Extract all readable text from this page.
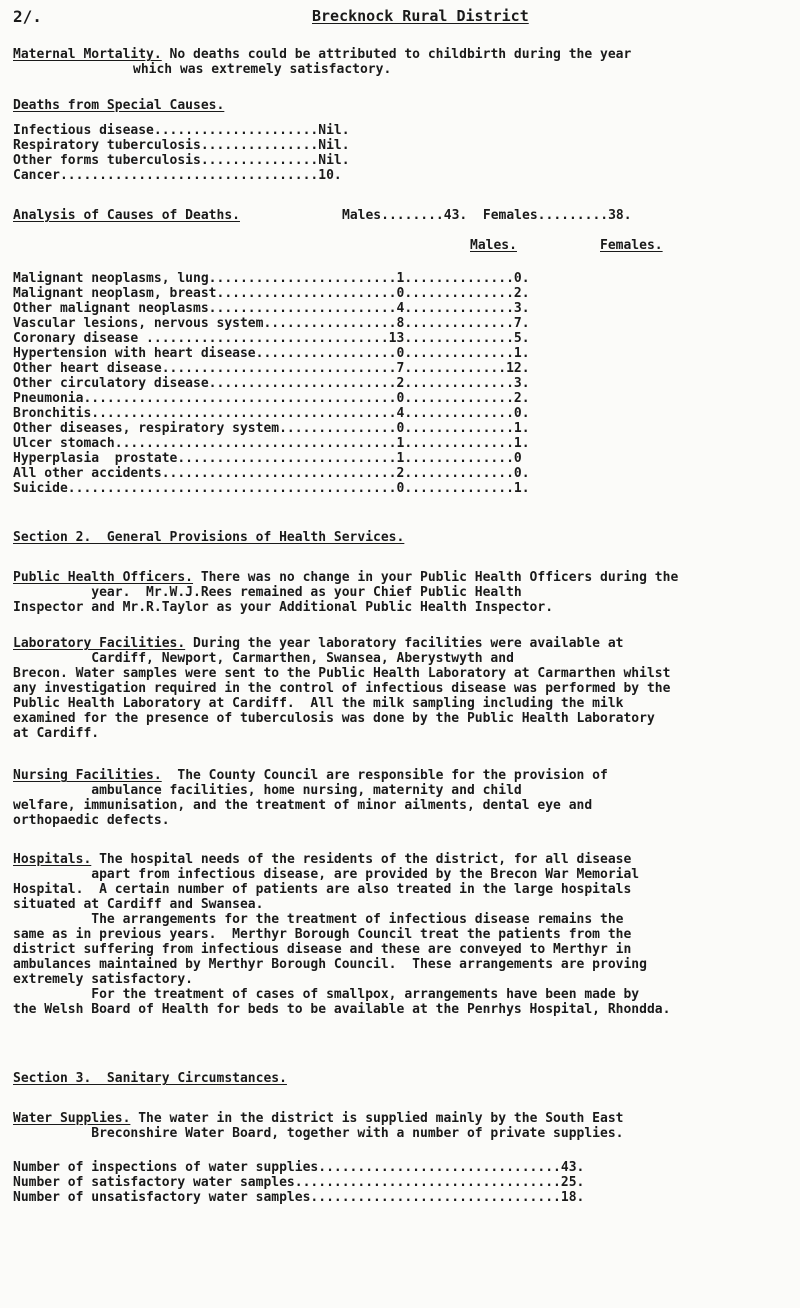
2/.	Brecknock Rural District

Maternal Mortality. No deaths could be attributed to childbirth during the year

which was extremely satisfactory.

Deaths from Special Causes.

Infectious disease.....................Nil.
Respiratory tuberculosis...............Nil.
Other forms tuberculosis...............Nil.
Cancer.................................10.
Analysis of Causes of Deaths.	Males........43.  Females.........38.
Males.	Females.
Malignant neoplasms, lung........................1..............0.
Malignant neoplasm, breast.......................0..............2.
Other malignant neoplasms........................4..............3.
Vascular lesions, nervous system.................8..............7.
Coronary disease ...............................13..............5.
Hypertension with heart disease..................0..............1.
Other heart disease..............................7.............12.
Other circulatory disease........................2..............3.
Pneumonia........................................0..............2.
Bronchitis.......................................4..............0.
Other diseases, respiratory system...............0..............1.
Ulcer stomach....................................1..............1.
Hyperplasia  prostate............................1..............0
All other accidents..............................2..............0.
Suicide..........................................0..............1.
Section 2.  General Provisions of Health Services.

Public Health Officers. There was no change in your Public Health Officers during the

year.  Mr.W.J.Rees remained as your Chief Public Health

Inspector and Mr.R.Taylor as your Additional Public Health Inspector.

Laboratory Facilities. During the year laboratory facilities were available at

Cardiff, Newport, Carmarthen, Swansea, Aberystwyth and

Brecon. Water samples were sent to the Public Health Laboratory at Carmarthen whilst

any investigation required in the control of infectious disease was performed by the

Public Health Laboratory at Cardiff.  All the milk sampling including the milk

examined for the presence of tuberculosis was done by the Public Health Laboratory

at Cardiff.

Nursing Facilities.  The County Council are responsible for the provision of

ambulance facilities, home nursing, maternity and child

welfare, immunisation, and the treatment of minor ailments, dental eye and

orthopaedic defects.

Hospitals. The hospital needs of the residents of the district, for all disease

apart from infectious disease, are provided by the Brecon War Memorial

Hospital.  A certain number of patients are also treated in the large hospitals

situated at Cardiff and Swansea.

The arrangements for the treatment of infectious disease remains the

same as in previous years.  Merthyr Borough Council treat the patients from the

district suffering from infectious disease and these are conveyed to Merthyr in

ambulances maintained by Merthyr Borough Council.  These arrangements are proving

extremely satisfactory.

For the treatment of cases of smallpox, arrangements have been made by

the Welsh Board of Health for beds to be available at the Penrhys Hospital, Rhondda.

Section 3.  Sanitary Circumstances.

Water Supplies. The water in the district is supplied mainly by the South East

Breconshire Water Board, together with a number of private supplies.

Number of inspections of water supplies...............................43.
Number of satisfactory water samples..................................25.
Number of unsatisfactory water samples................................18.
